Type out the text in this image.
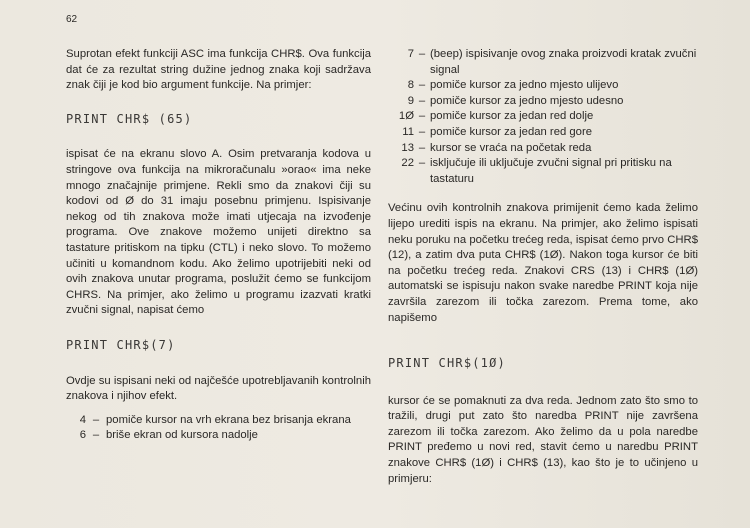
62

Suprotan efekt funkciji ASC ima funkcija CHR$. Ova funkcija dat će za rezultat string dužine jednog znaka koji sadržava znak čiji je kod bio argument funkcije. Na primjer:

PRINT CHR$ (65)

ispisat će na ekranu slovo A. Osim pretvaranja kodova u stringove ova funkcija na mikroračunalu »orao« ima neke mnogo značajnije primjene. Rekli smo da znakovi čiji su kodovi od Ø do 31 imaju posebnu primjenu. Ispisivanje nekog od tih znakova može imati utjecaja na izvođenje programa. Ove znakove možemo unijeti direktno sa tastature pritiskom na tipku (CTL) i neko slovo. To možemo učiniti u komandnom kodu. Ako želimo upotrijebiti neki od ovih znakova unutar programa, poslužit ćemo se funkcijom CHRS. Na primjer, ako želimo u programu izazvati kratki zvučni signal, napisat ćemo

PRINT CHR$(7)

Ovdje su ispisani neki od najčešće upotrebljavanih kontrolnih znakova i njihov efekt.

4 – pomiče kursor na vrh ekrana bez brisanja ekrana
6 – briše ekran od kursora nadolje
7 – (beep) ispisivanje ovog znaka proizvodi kratak zvučni signal
8 – pomiče kursor za jedno mjesto ulijevo
9 – pomiče kursor za jedno mjesto udesno
1Ø – pomiče kursor za jedan red dolje
11 – pomiče kursor za jedan red gore
13 – kursor se vraća na početak reda
22 – isključuje ili uključuje zvučni signal pri pritisku na tastaturu

Većinu ovih kontrolnih znakova primijenit ćemo kada želimo lijepo urediti ispis na ekranu. Na primjer, ako želimo ispisati neku poruku na početku trećeg reda, ispisat ćemo prvo CHR$ (12), a zatim dva puta CHR$ (1Ø). Nakon toga kursor će biti na početku trećeg reda. Znakovi CRS (13) i CHR$ (1Ø) automatski se ispisuju nakon svake naredbe PRINT koja nije završila zarezom ili točka zarezom. Prema tome, ako napišemo

PRINT CHR$(1Ø)

kursor će se pomaknuti za dva reda. Jednom zato što smo to tražili, drugi put zato što naredba PRINT nije završena zarezom ili točka zarezom. Ako želimo da u pola naredbe PRINT pređemo u novi red, stavit ćemo u naredbu PRINT znakove CHR$ (1Ø) i CHR$ (13), kao što je to učinjeno u primjeru:
